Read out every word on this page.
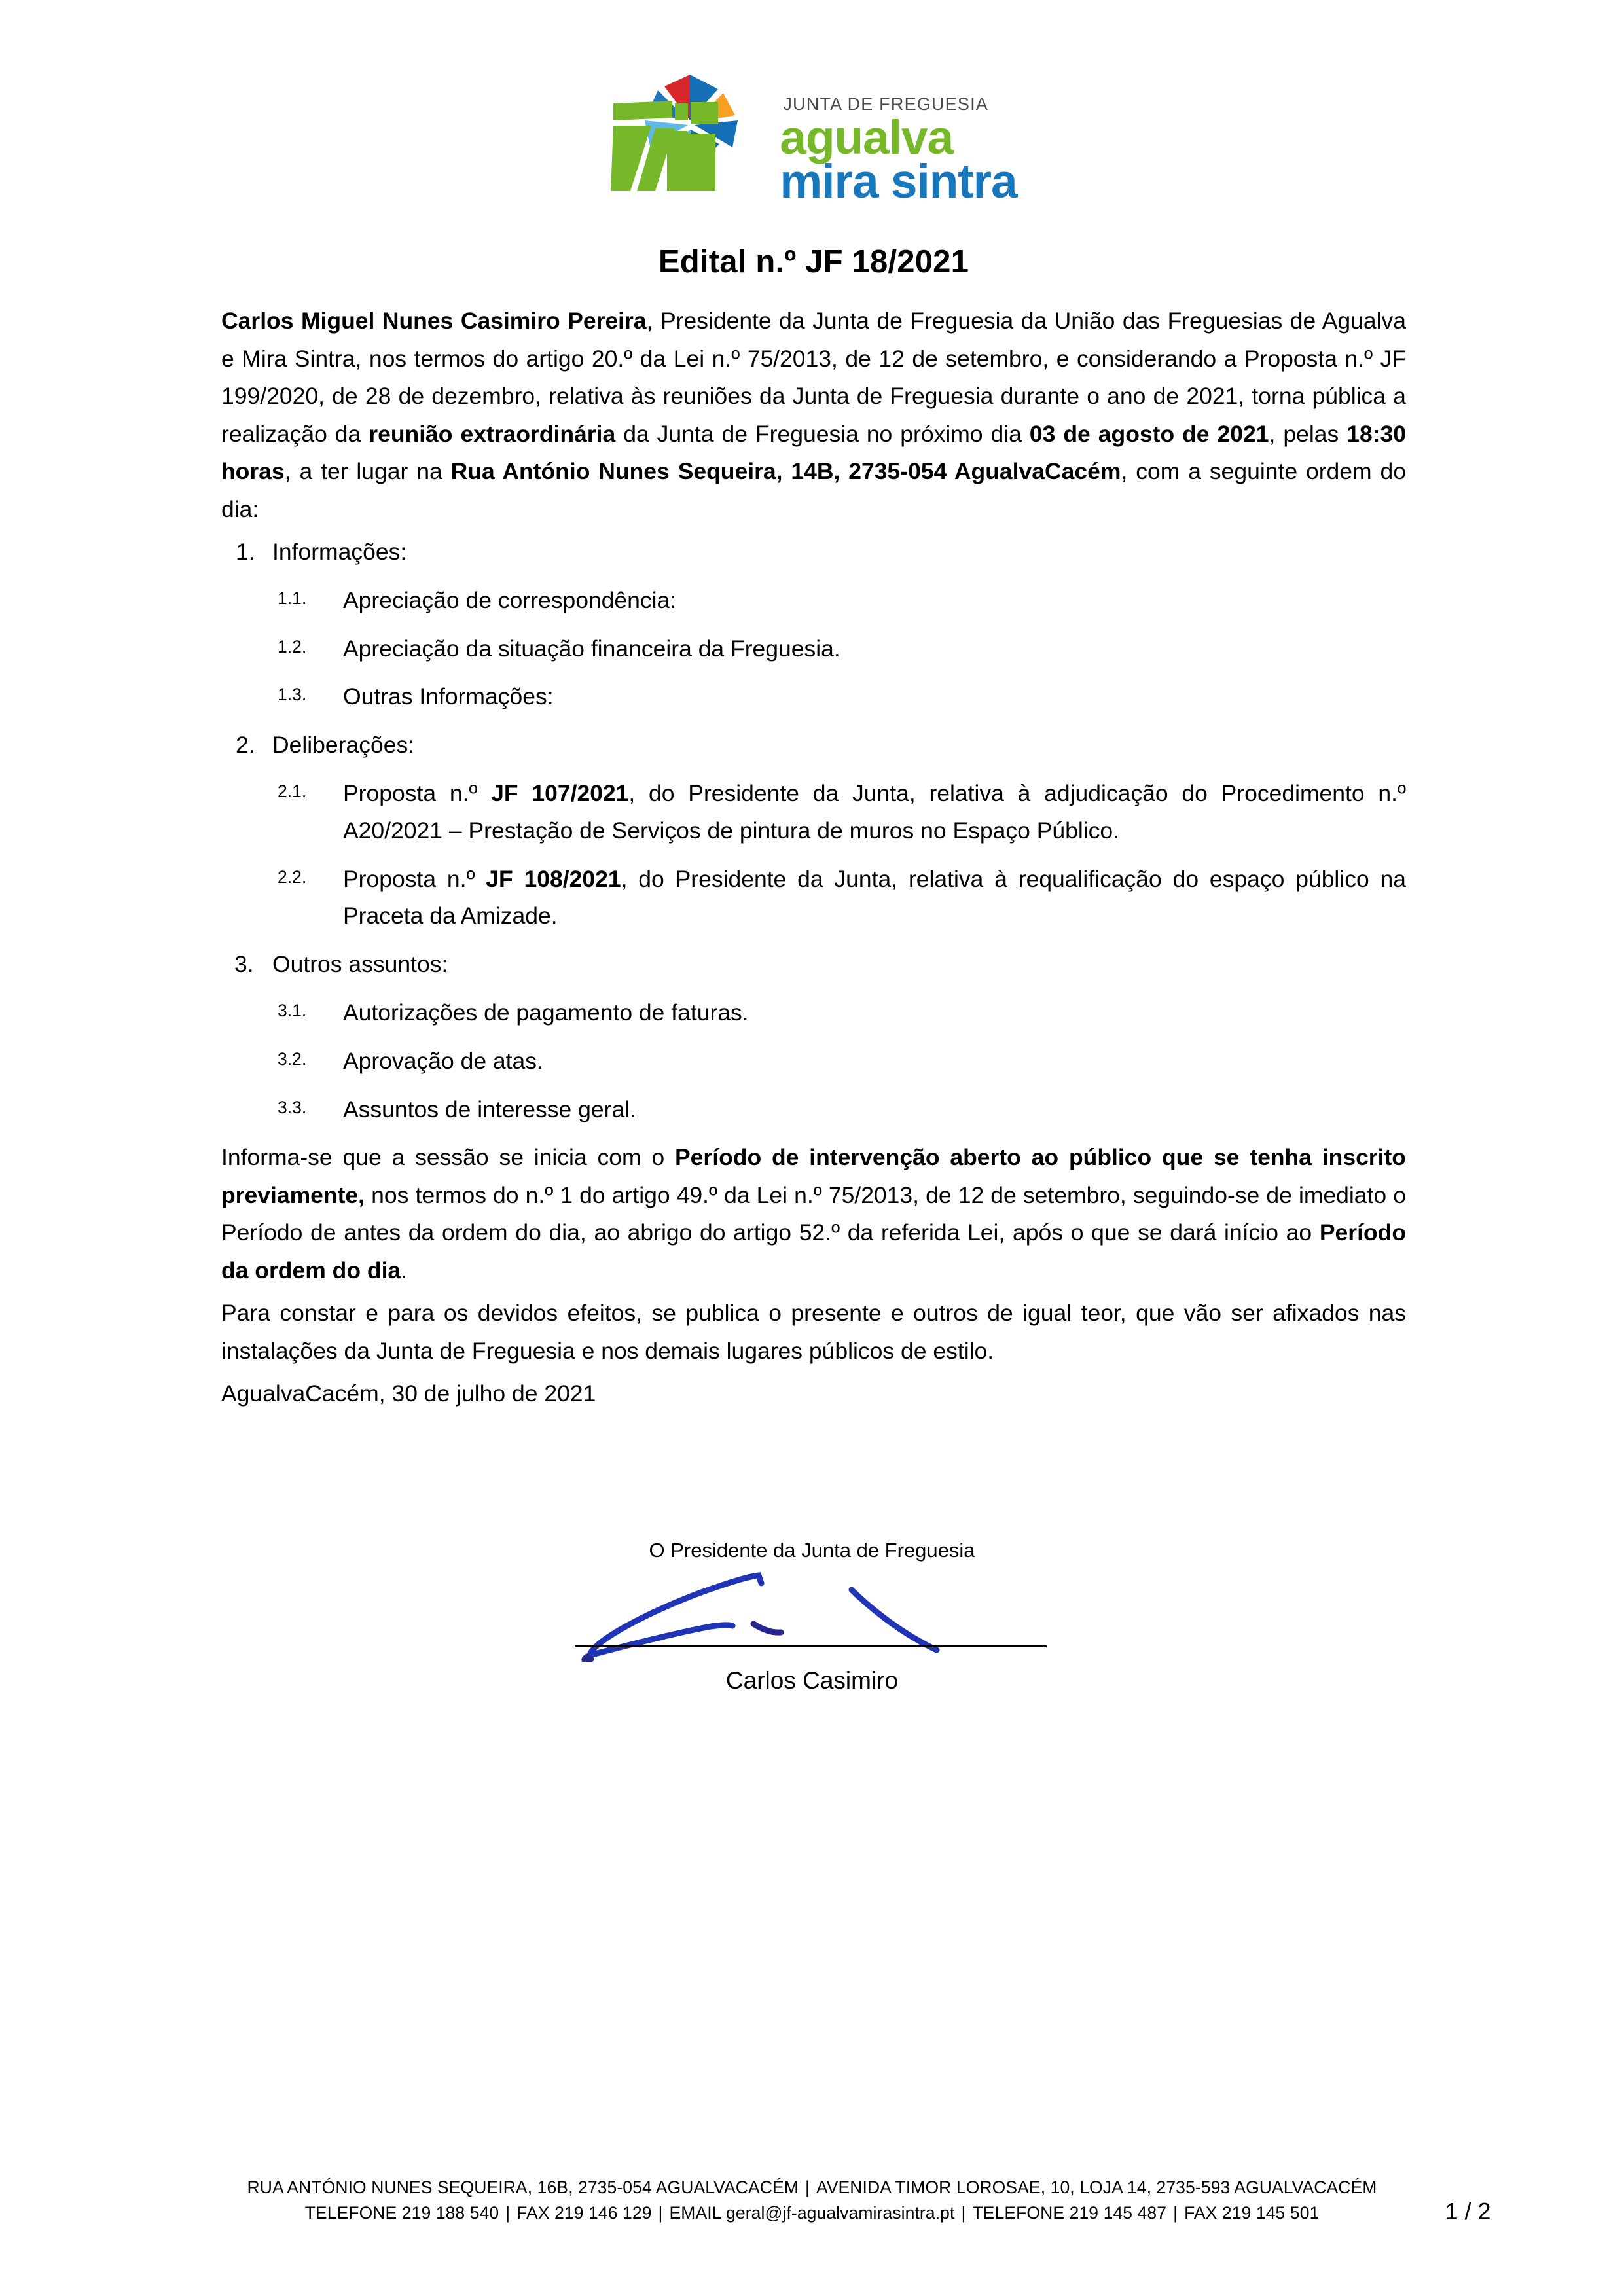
JUNTA DE FREGUESIA
agualva
mira sintra
Edital n.º JF 18/2021

Carlos Miguel Nunes Casimiro Pereira, Presidente da Junta de Freguesia da União das Freguesias de Agualva e Mira Sintra, nos termos do artigo 20.º da Lei n.º 75/2013, de 12 de setembro, e considerando a Proposta n.º JF 199/2020, de 28 de dezembro, relativa às reuniões da Junta de Freguesia durante o ano de 2021, torna pública a realização da reunião extraordinária da Junta de Freguesia no próximo dia 03 de agosto de 2021, pelas 18:30 horas, a ter lugar na Rua António Nunes Sequeira, 14B, 2735-054 AgualvaCacém, com a seguinte ordem do dia:

1. Informações:
1.1. Apreciação de correspondência:
1.2. Apreciação da situação financeira da Freguesia.
1.3. Outras Informações:
2. Deliberações:
2.1. Proposta n.º JF 107/2021, do Presidente da Junta, relativa à adjudicação do Procedimento n.º A20/2021 – Prestação de Serviços de pintura de muros no Espaço Público.
2.2. Proposta n.º JF 108/2021, do Presidente da Junta, relativa à requalificação do espaço público na Praceta da Amizade.
3. Outros assuntos:
3.1. Autorizações de pagamento de faturas.
3.2. Aprovação de atas.
3.3. Assuntos de interesse geral.

Informa-se que a sessão se inicia com o Período de intervenção aberto ao público que se tenha inscrito previamente, nos termos do n.º 1 do artigo 49.º da Lei n.º 75/2013, de 12 de setembro, seguindo-se de imediato o Período de antes da ordem do dia, ao abrigo do artigo 52.º da referida Lei, após o que se dará início ao Período da ordem do dia.

Para constar e para os devidos efeitos, se publica o presente e outros de igual teor, que vão ser afixados nas instalações da Junta de Freguesia e nos demais lugares públicos de estilo.

AgualvaCacém, 30 de julho de 2021

O Presidente da Junta de Freguesia
Carlos Casimiro
RUA ANTÓNIO NUNES SEQUEIRA, 16B, 2735-054 AGUALVACACÉM | AVENIDA TIMOR LOROSAE, 10, LOJA 14, 2735-593 AGUALVACACÉM
TELEFONE 219 188 540 | FAX 219 146 129 | EMAIL geral@jf-agualvamirasintra.pt | TELEFONE 219 145 487 | FAX 219 145 501	1 / 2
